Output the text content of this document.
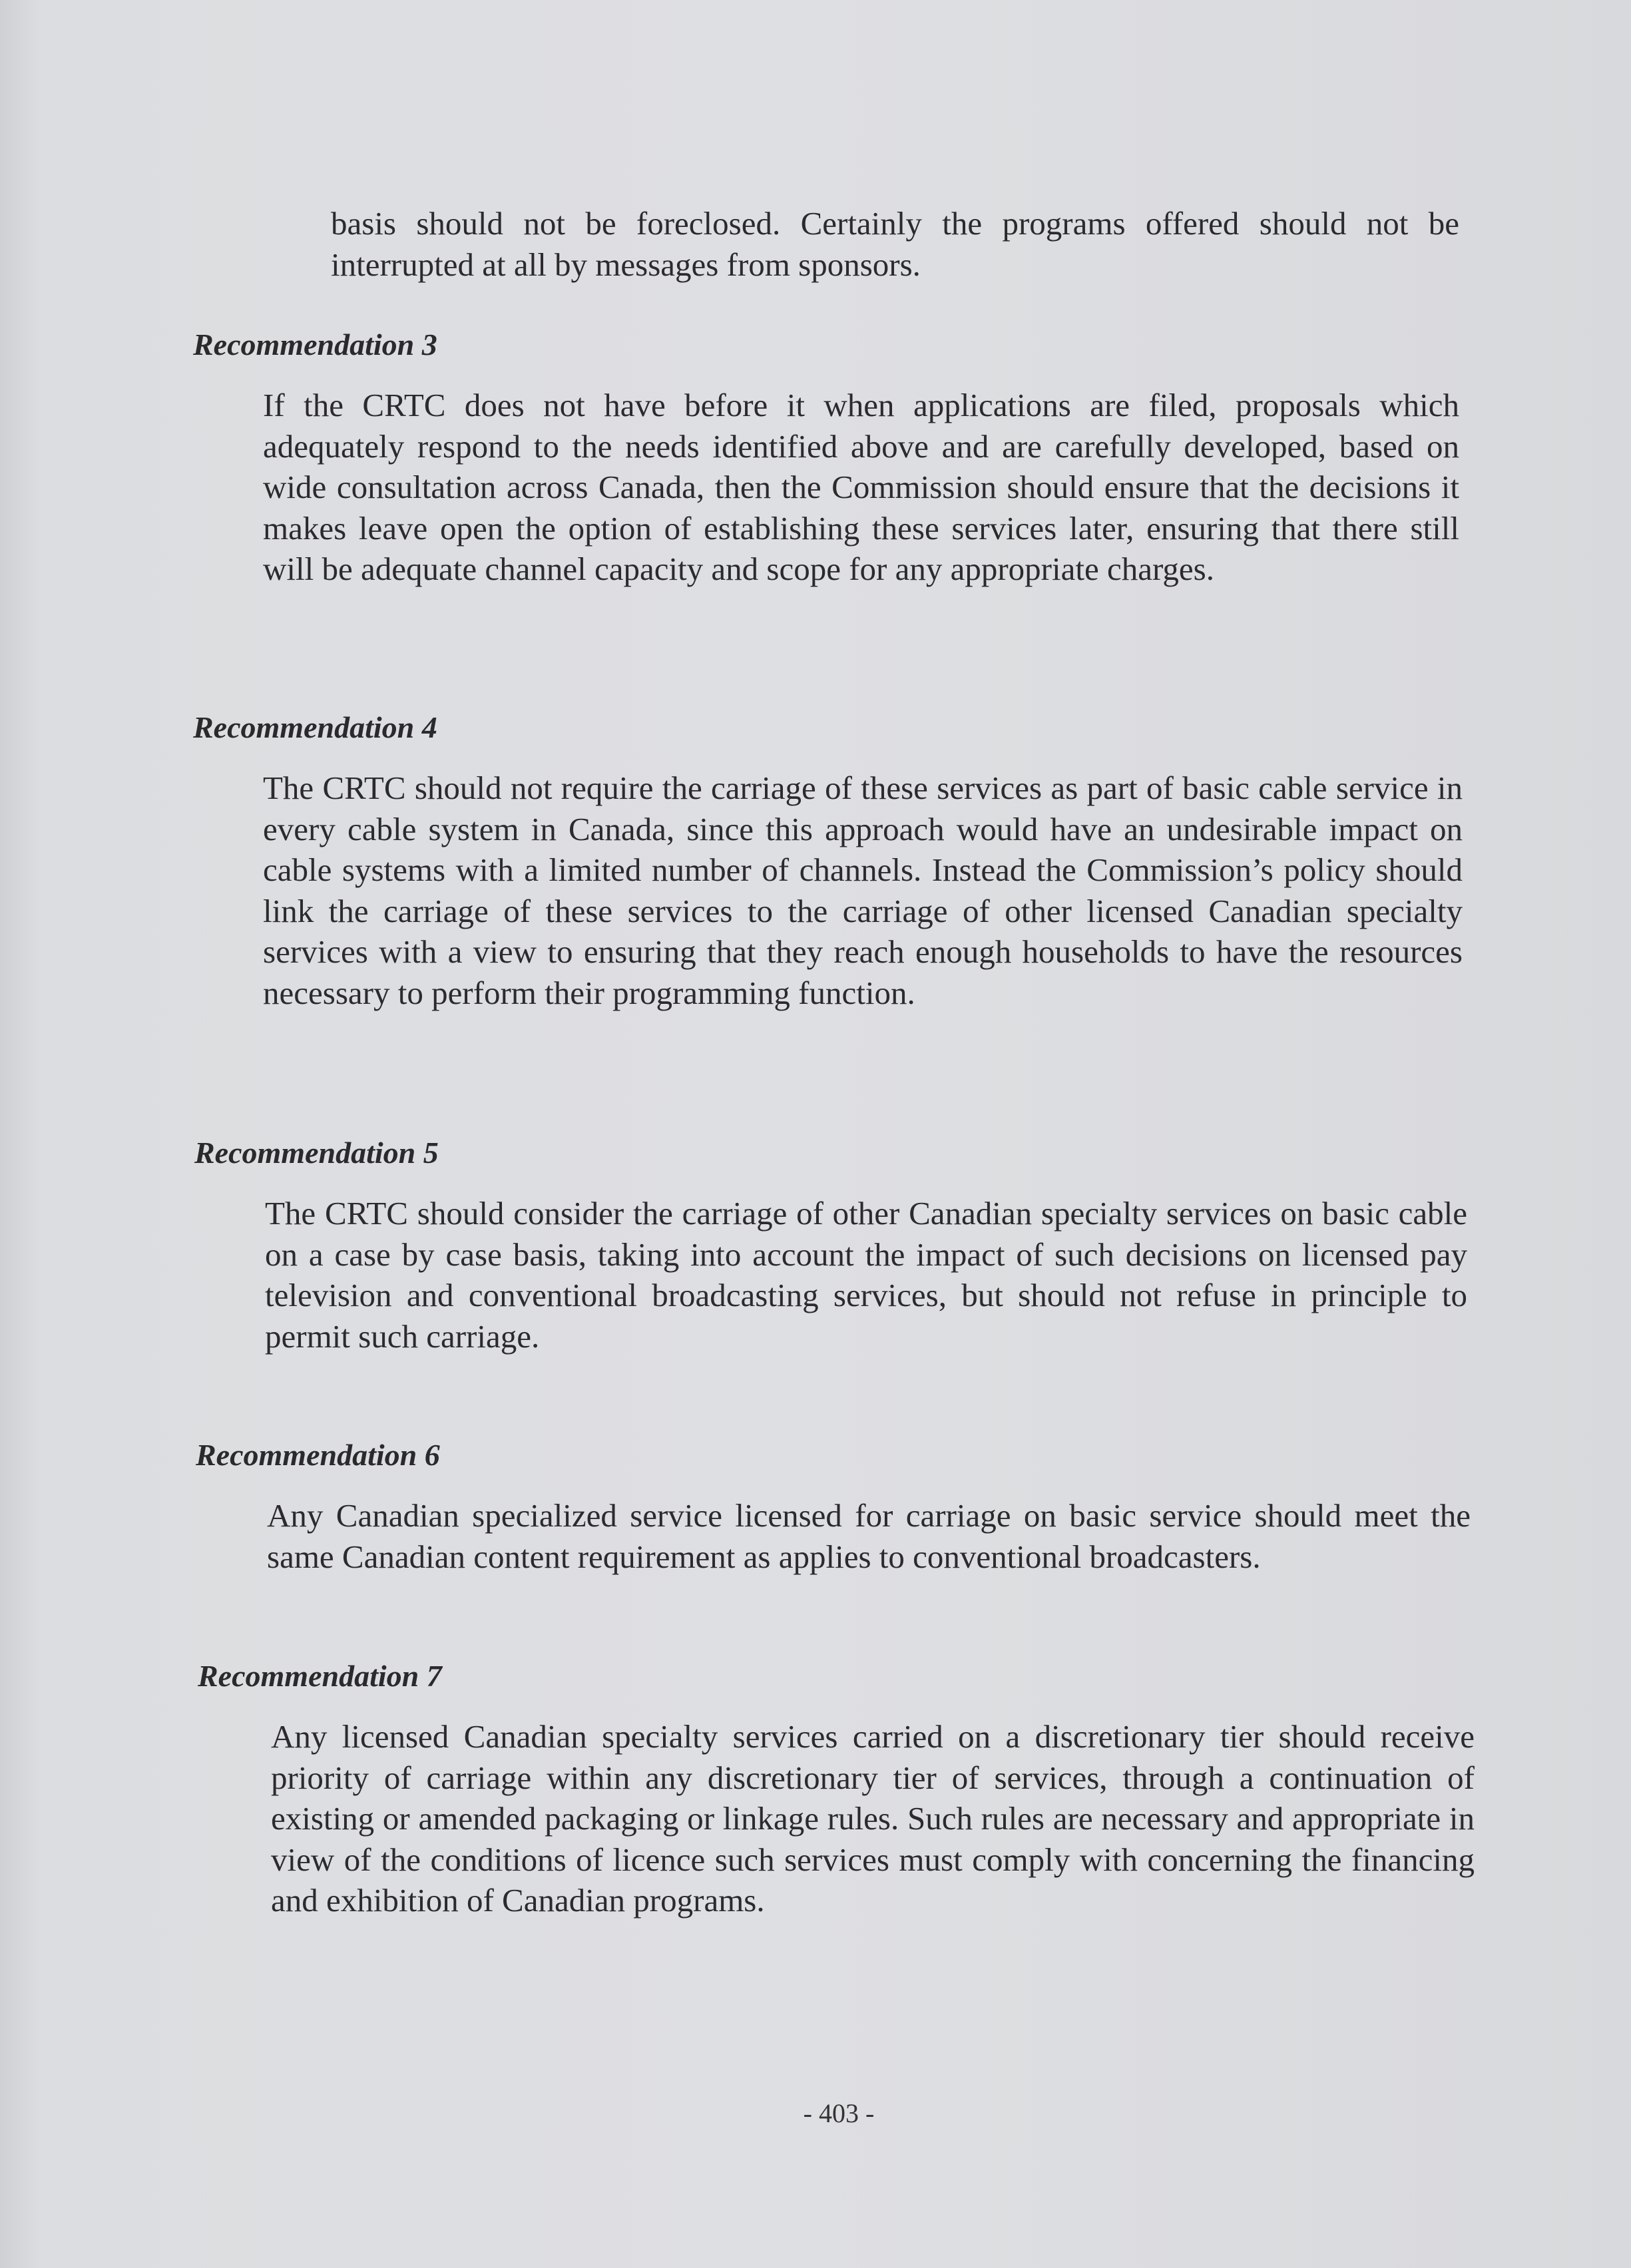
basis should not be foreclosed. Certainly the programs offered should not be interrupted at all by messages from sponsors.
Recommendation 3
If the CRTC does not have before it when applications are filed, proposals which adequately respond to the needs identified above and are carefully developed, based on wide consultation across Canada, then the Commission should ensure that the decisions it makes leave open the option of establishing these services later, ensuring that there still will be adequate channel capacity and scope for any appropriate charges.
Recommendation 4
The CRTC should not require the carriage of these services as part of basic cable service in every cable system in Canada, since this approach would have an undesirable impact on cable systems with a limited number of channels. Instead the Commission’s policy should link the carriage of these services to the carriage of other licensed Canadian specialty services with a view to ensuring that they reach enough households to have the resources necessary to perform their programming function.
Recommendation 5
The CRTC should consider the carriage of other Canadian specialty services on basic cable on a case by case basis, taking into account the impact of such decisions on licensed pay television and conventional broadcasting services, but should not refuse in principle to permit such carriage.
Recommendation 6
Any Canadian specialized service licensed for carriage on basic service should meet the same Canadian content requirement as applies to conventional broadcasters.
Recommendation 7
Any licensed Canadian specialty services carried on a discretionary tier should receive priority of carriage within any discretionary tier of services, through a continuation of existing or amended packaging or linkage rules. Such rules are necessary and appropriate in view of the conditions of licence such services must comply with concerning the financing and exhibition of Canadian programs.
- 403 -
